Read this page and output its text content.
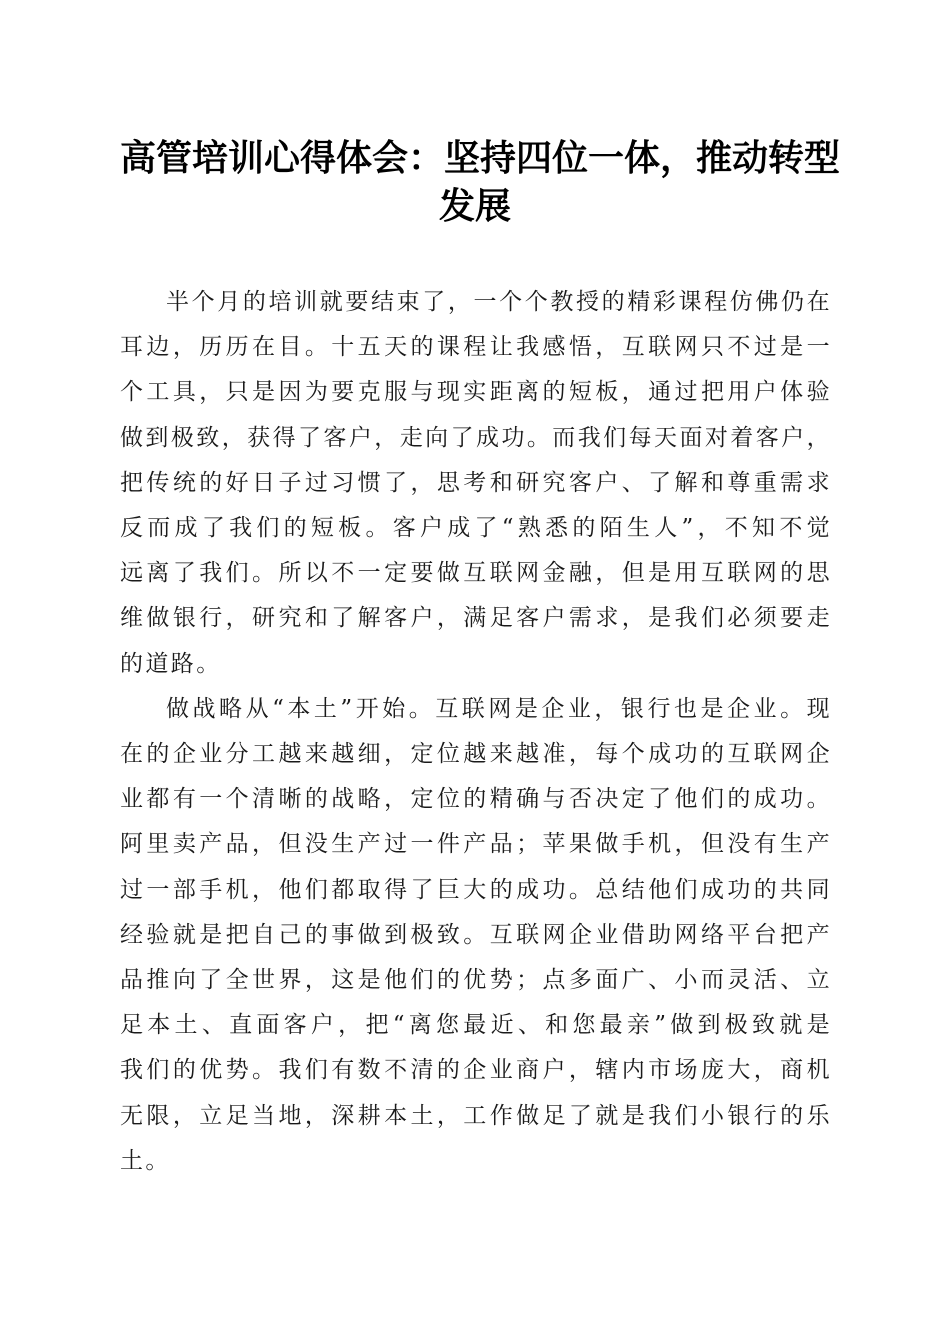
高管培训心得体会：坚持四位一体，推动转型
发展
半个月的培训就要结束了，一个个教授的精彩课程仿佛仍在
耳边，历历在目。十五天的课程让我感悟，互联网只不过是一
个工具，只是因为要克服与现实距离的短板，通过把用户体验
做到极致，获得了客户，走向了成功。而我们每天面对着客户，
把传统的好日子过习惯了，思考和研究客户、了解和尊重需求
反而成了我们的短板。客户成了“熟悉的陌生人”，不知不觉
远离了我们。所以不一定要做互联网金融，但是用互联网的思
维做银行，研究和了解客户，满足客户需求，是我们必须要走
的道路。
做战略从“本土”开始。互联网是企业，银行也是企业。现
在的企业分工越来越细，定位越来越准，每个成功的互联网企
业都有一个清晰的战略，定位的精确与否决定了他们的成功。
阿里卖产品，但没生产过一件产品；苹果做手机，但没有生产
过一部手机，他们都取得了巨大的成功。总结他们成功的共同
经验就是把自己的事做到极致。互联网企业借助网络平台把产
品推向了全世界，这是他们的优势；点多面广、小而灵活、立
足本土、直面客户，把“离您最近、和您最亲”做到极致就是
我们的优势。我们有数不清的企业商户，辖内市场庞大，商机
无限，立足当地，深耕本土，工作做足了就是我们小银行的乐
土。
